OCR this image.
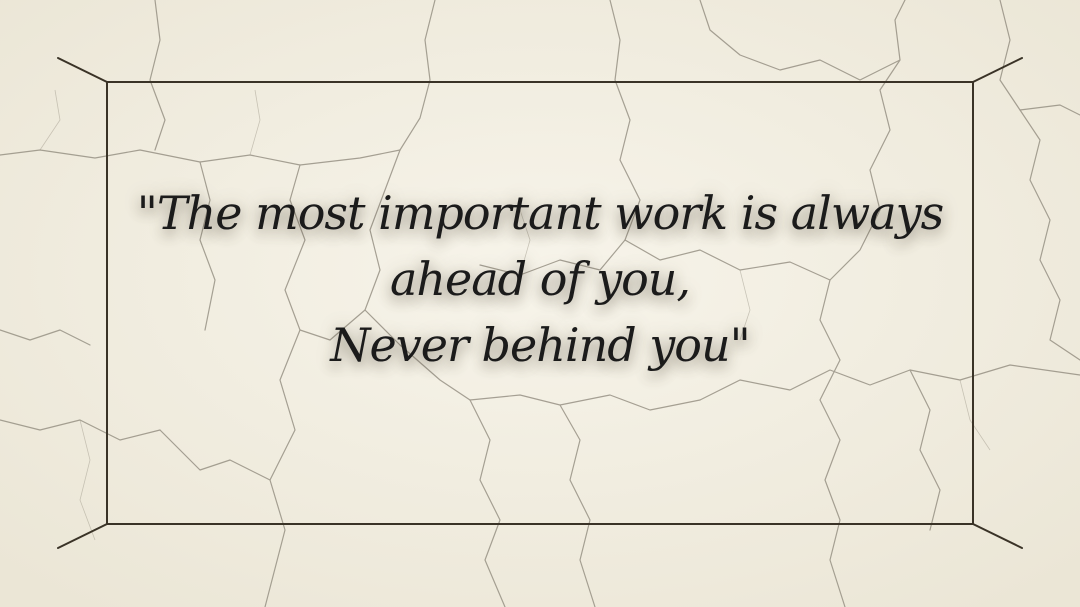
"The most important work is always
ahead of you,
Never behind you"
